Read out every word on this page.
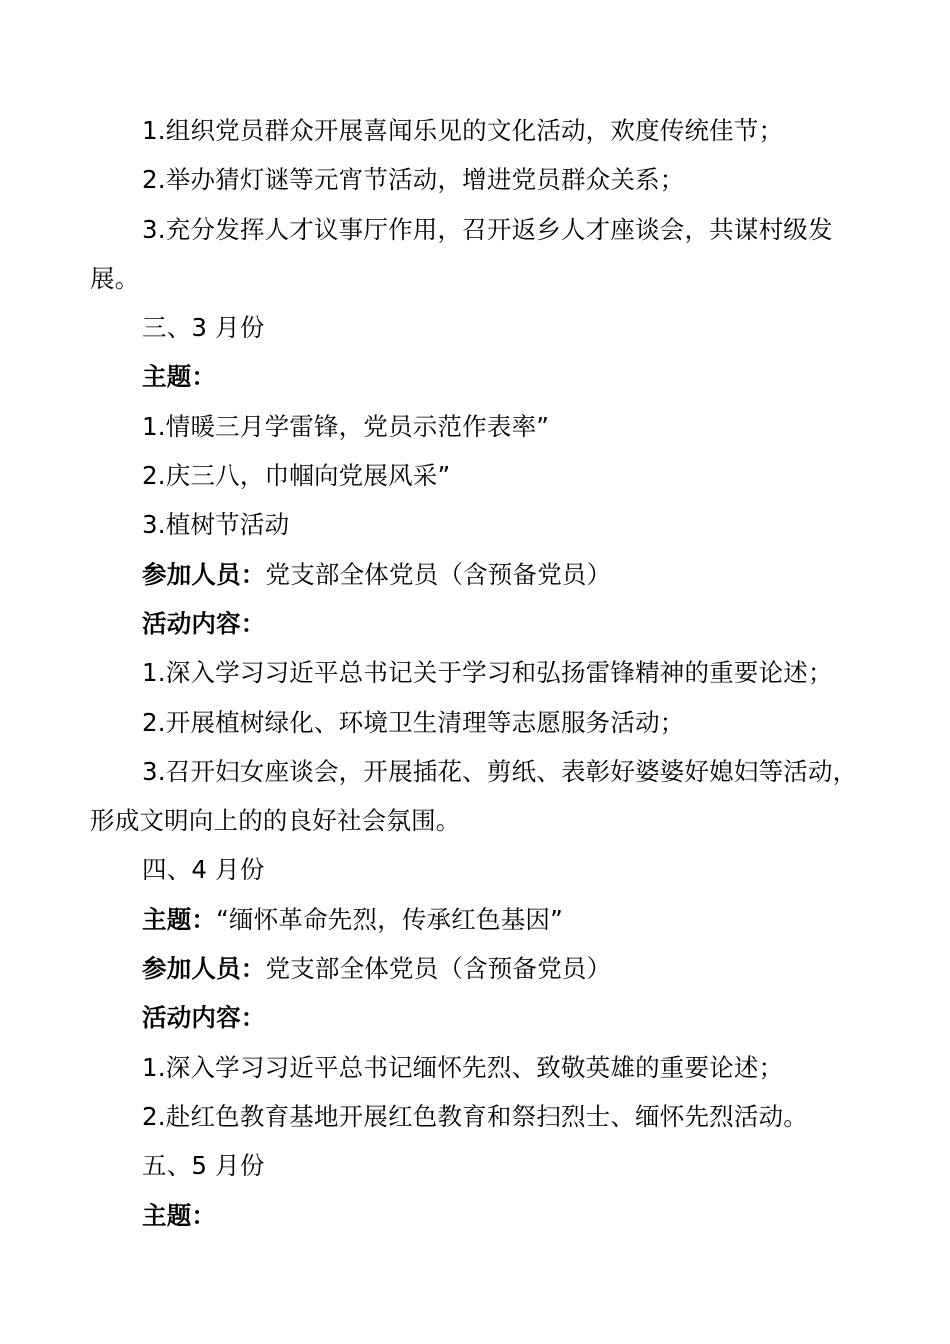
1.组织党员群众开展喜闻乐见的文化活动，欢度传统佳节；

2.举办猜灯谜等元宵节活动，增进党员群众关系；

3.充分发挥人才议事厅作用，召开返乡人才座谈会，共谋村级发展。

三、3 月份

主题：

1.情暖三月学雷锋，党员示范作表率”

2.庆三八，巾帼向党展风采”

3.植树节活动

参加人员：党支部全体党员（含预备党员）

活动内容：

1.深入学习习近平总书记关于学习和弘扬雷锋精神的重要论述；

2.开展植树绿化、环境卫生清理等志愿服务活动；

3.召开妇女座谈会，开展插花、剪纸、表彰好婆婆好媳妇等活动，形成文明向上的的良好社会氛围。

四、4 月份

主题：“缅怀革命先烈，传承红色基因”

参加人员：党支部全体党员（含预备党员）

活动内容：

1.深入学习习近平总书记缅怀先烈、致敬英雄的重要论述；

2.赴红色教育基地开展红色教育和祭扫烈士、缅怀先烈活动。

五、5 月份

主题：
